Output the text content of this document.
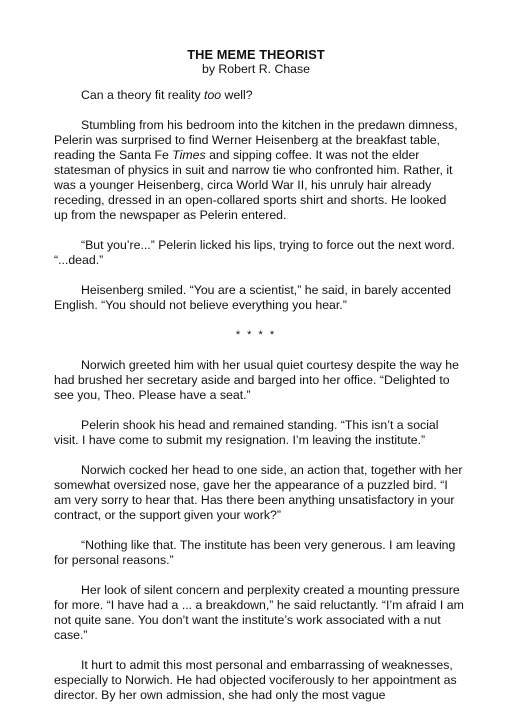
THE MEME THEORIST

by Robert R. Chase

Can a theory fit reality too well?

Stumbling from his bedroom into the kitchen in the predawn dimness,
Pelerin was surprised to find Werner Heisenberg at the breakfast table,
reading the Santa Fe Times and sipping coffee. It was not the elder
statesman of physics in suit and narrow tie who confronted him. Rather, it
was a younger Heisenberg, circa World War II, his unruly hair already
receding, dressed in an open-collared sports shirt and shorts. He looked
up from the newspaper as Pelerin entered.

“But you’re...” Pelerin licked his lips, trying to force out the next word.
“...dead.”

Heisenberg smiled. “You are a scientist,” he said, in barely accented
English. “You should not believe everything you hear.”

* * * *

Norwich greeted him with her usual quiet courtesy despite the way he
had brushed her secretary aside and barged into her office. “Delighted to
see you, Theo. Please have a seat.”

Pelerin shook his head and remained standing. “This isn’t a social
visit. I have come to submit my resignation. I’m leaving the institute.”

Norwich cocked her head to one side, an action that, together with her
somewhat oversized nose, gave her the appearance of a puzzled bird. “I
am very sorry to hear that. Has there been anything unsatisfactory in your
contract, or the support given your work?”

“Nothing like that. The institute has been very generous. I am leaving
for personal reasons.”

Her look of silent concern and perplexity created a mounting pressure
for more. “I have had a ... a breakdown,” he said reluctantly. “I’m afraid I am
not quite sane. You don’t want the institute’s work associated with a nut
case.”

It hurt to admit this most personal and embarrassing of weaknesses,
especially to Norwich. He had objected vociferously to her appointment as
director. By her own admission, she had only the most vague
